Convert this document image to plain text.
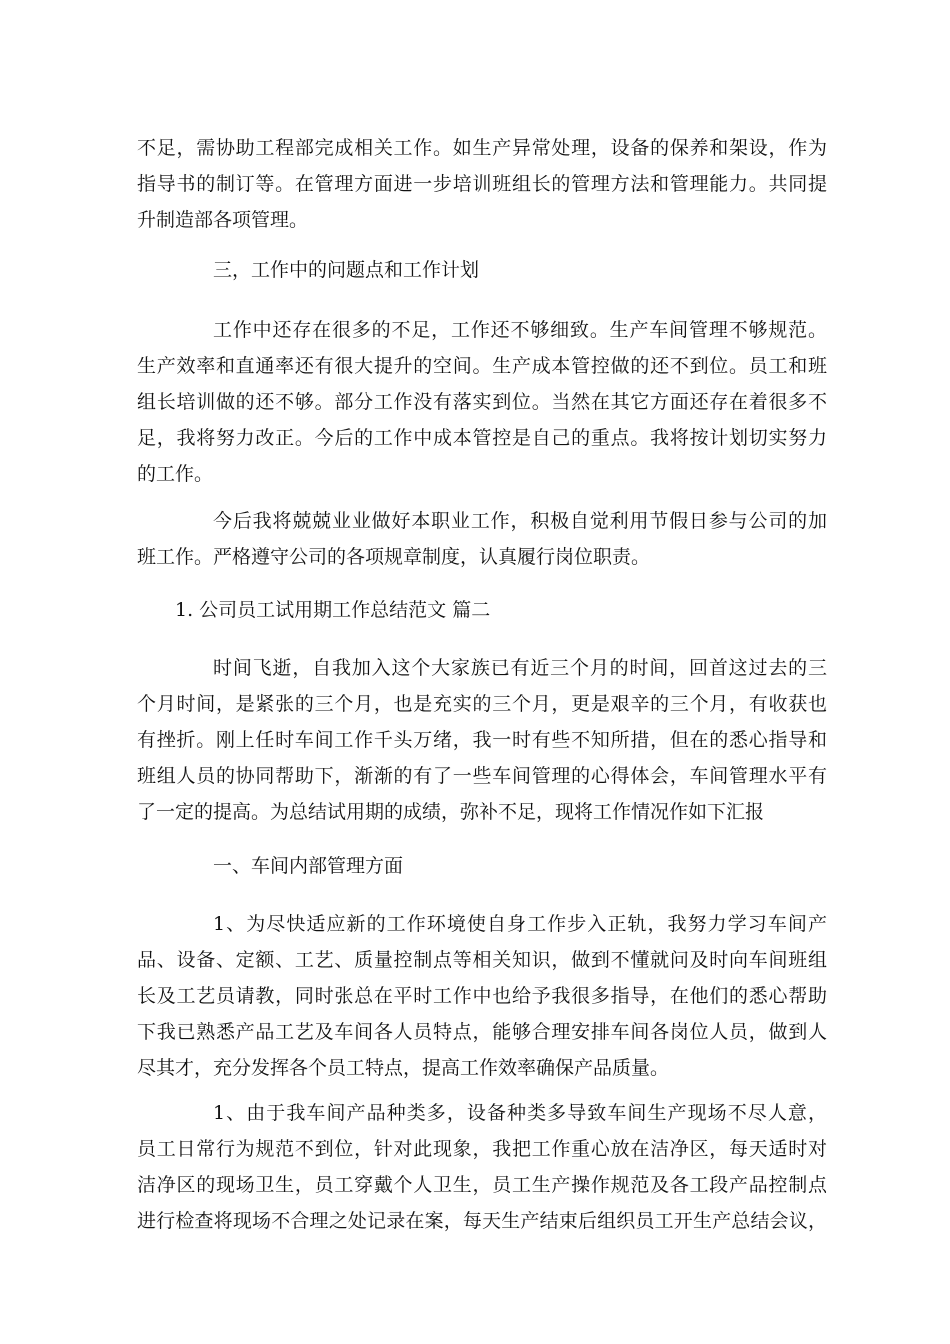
不足，需协助工程部完成相关工作。如生产异常处理，设备的保养和架设，作为
指导书的制订等。在管理方面进一步培训班组长的管理方法和管理能力。共同提
升制造部各项管理。
三，工作中的问题点和工作计划
工作中还存在很多的不足，工作还不够细致。生产车间管理不够规范。
生产效率和直通率还有很大提升的空间。生产成本管控做的还不到位。员工和班
组长培训做的还不够。部分工作没有落实到位。当然在其它方面还存在着很多不
足，我将努力改正。今后的工作中成本管控是自己的重点。我将按计划切实努力
的工作。
今后我将兢兢业业做好本职业工作，积极自觉利用节假日参与公司的加
班工作。严格遵守公司的各项规章制度，认真履行岗位职责。
1. 公司员工试用期工作总结范文 篇二
时间飞逝，自我加入这个大家族已有近三个月的时间，回首这过去的三
个月时间，是紧张的三个月，也是充实的三个月，更是艰辛的三个月，有收获也
有挫折。刚上任时车间工作千头万绪，我一时有些不知所措，但在的悉心指导和
班组人员的协同帮助下，渐渐的有了一些车间管理的心得体会，车间管理水平有
了一定的提高。为总结试用期的成绩，弥补不足，现将工作情况作如下汇报
一、车间内部管理方面
1、为尽快适应新的工作环境使自身工作步入正轨，我努力学习车间产
品、设备、定额、工艺、质量控制点等相关知识，做到不懂就问及时向车间班组
长及工艺员请教，同时张总在平时工作中也给予我很多指导，在他们的悉心帮助
下我已熟悉产品工艺及车间各人员特点，能够合理安排车间各岗位人员，做到人
尽其才，充分发挥各个员工特点，提高工作效率确保产品质量。
1、由于我车间产品种类多，设备种类多导致车间生产现场不尽人意，
员工日常行为规范不到位，针对此现象，我把工作重心放在洁净区，每天适时对
洁净区的现场卫生，员工穿戴个人卫生，员工生产操作规范及各工段产品控制点
进行检查将现场不合理之处记录在案，每天生产结束后组织员工开生产总结会议，
